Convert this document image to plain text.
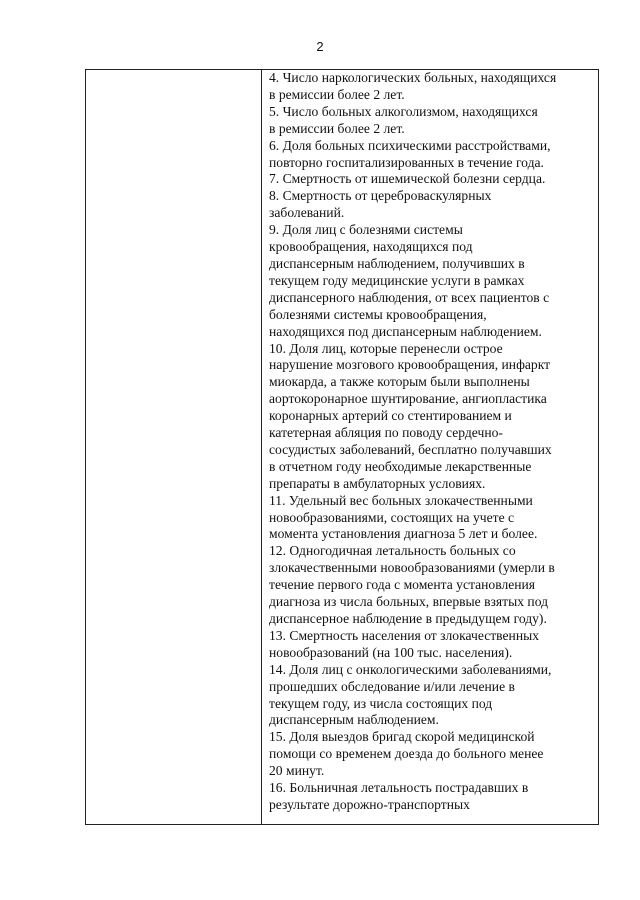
2

4. Число наркологических больных, находящихся

в ремиссии более 2 лет.

5. Число больных алкоголизмом, находящихся

в ремиссии более 2 лет.

6. Доля больных психическими расстройствами,

повторно госпитализированных в течение года.

7. Смертность от ишемической болезни сердца.

8. Смертность от цереброваскулярных

заболеваний.

9. Доля лиц с болезнями системы

кровообращения, находящихся под

диспансерным наблюдением, получивших в

текущем году медицинские услуги в рамках

диспансерного наблюдения, от всех пациентов с

болезнями системы кровообращения,

находящихся под диспансерным наблюдением.

10. Доля лиц, которые перенесли острое

нарушение мозгового кровообращения, инфаркт

миокарда, а также которым были выполнены

аортокоронарное шунтирование, ангиопластика

коронарных артерий со стентированием и

катетерная абляция по поводу сердечно-

сосудистых заболеваний, бесплатно получавших

в отчетном году необходимые лекарственные

препараты в амбулаторных условиях.

11. Удельный вес больных злокачественными

новообразованиями, состоящих на учете с

момента установления диагноза 5 лет и более.

12. Одногодичная летальность больных со

злокачественными новообразованиями (умерли в

течение первого года с момента установления

диагноза из числа больных, впервые взятых под

диспансерное наблюдение в предыдущем году).

13. Смертность населения от злокачественных

новообразований (на 100 тыс. населения).

14. Доля лиц с онкологическими заболеваниями,

прошедших обследование и/или лечение в

текущем году, из числа состоящих под

диспансерным наблюдением.

15. Доля выездов бригад скорой медицинской

помощи со временем доезда до больного менее

20 минут.

16. Больничная летальность пострадавших в

результате дорожно-транспортных
